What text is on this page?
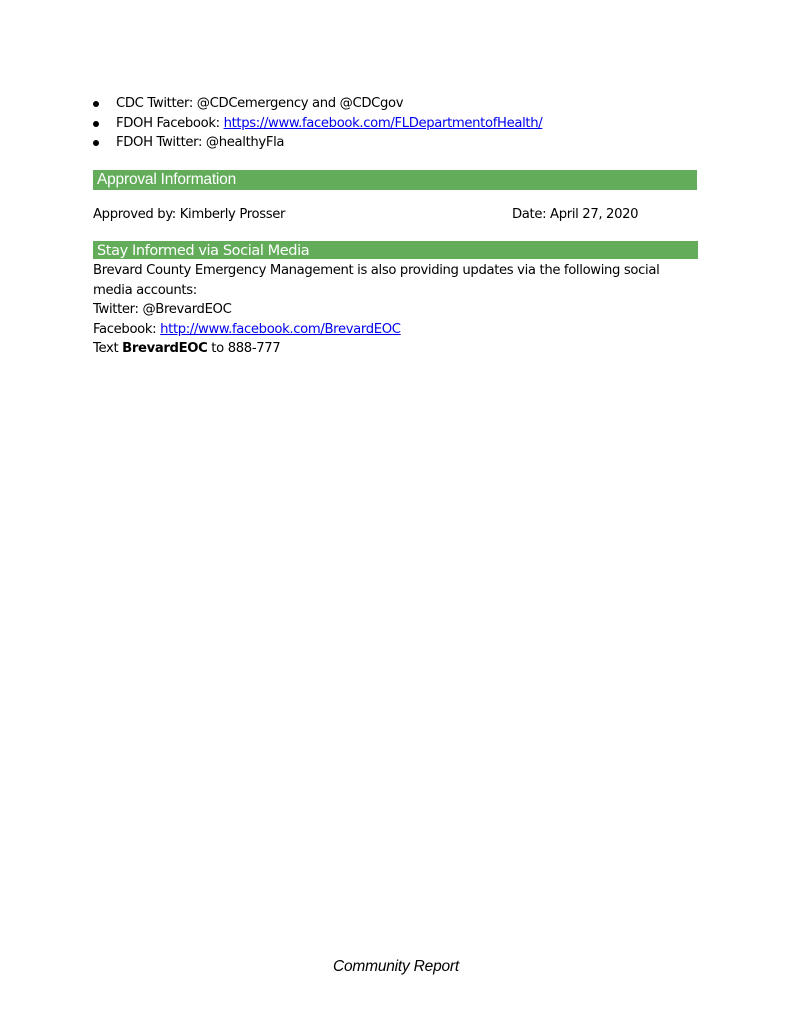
CDC Twitter: @CDCemergency and @CDCgov
FDOH Facebook: https://www.facebook.com/FLDepartmentofHealth/
FDOH Twitter: @healthyFla
Approval Information
Approved by: Kimberly Prosser	Date: April 27, 2020
Stay Informed via Social Media

Brevard County Emergency Management is also providing updates via the following social

media accounts:

Twitter: @BrevardEOC

Facebook: http://www.facebook.com/BrevardEOC

Text BrevardEOC to 888-777

Community Report
